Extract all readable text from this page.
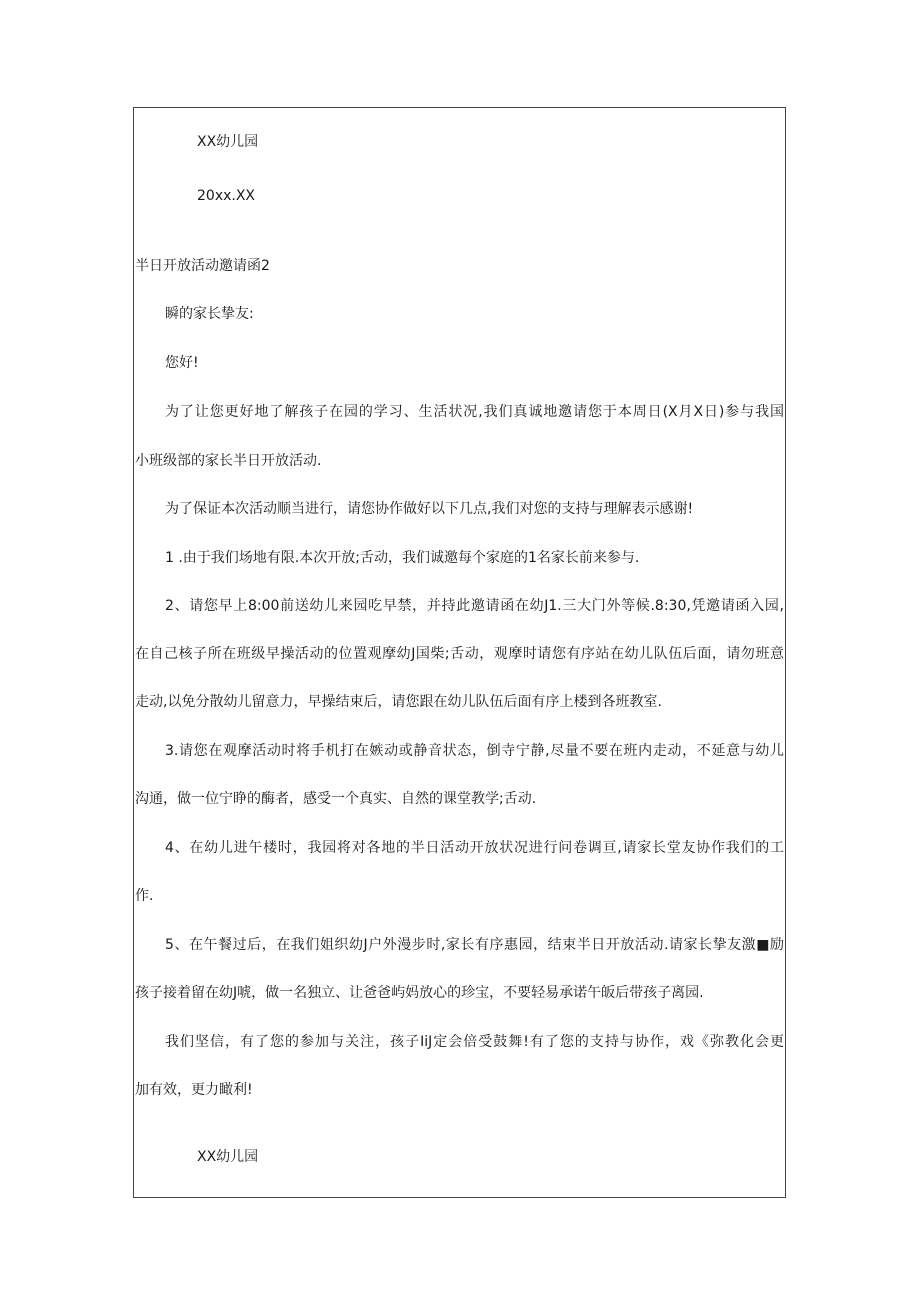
XX幼儿园
20xx.XX
半日开放活动邀请函2
瞬的家长挚友:
您好!
为了让您更好地了解孩子在园的学习、生活状况,我们真诚地邀请您于本周日(X月X日)参与我国
小班级部的家长半日开放活动.
为了保证本次活动顺当进行，请您协作做好以下几点,我们对您的支持与理解表示感谢!
1 .由于我们场地有限.本次开放;舌动，我们诚邀每个家庭的1名家长前来参与.
2、请您早上8:00前送幼儿来园吃早禁，并持此邀请函在幼J1.三大门外等候.8:30,凭邀请函入园,
在自己核子所在班级早操活动的位置观摩幼J国柴;舌动，观摩时请您有序站在幼儿队伍后面，请勿班意
走动,以免分散幼儿留意力，早操结束后，请您跟在幼儿队伍后面有序上楼到各班教室.
3.请您在观摩活动时将手机打在嫉动或静音状态，倒寺宁静,尽量不要在班内走动，不延意与幼儿
沟通，做一位宁睁的酶者，感受一个真实、自然的课堂教学;舌动.
4、在幼儿进午楼时，我园将对各地的半日活动开放状况进行问卷调亘,请家长堂友协作我们的工
作.
5、在午餐过后，在我们姐织幼J户外漫步时,家长有序惠园，结束半日开放活动.请家长挚友激■励
孩子接着留在幼J唬，做一名独立、让爸爸屿妈放心的珍宝，不要轻易承诺午皈后带孩子离园.
我们坚信，有了您的参加与关注，孩子IiJ定会倍受鼓舞!有了您的支持与协作，戏《弥教化会更
加有效，更力瞰利!
XX幼儿园
